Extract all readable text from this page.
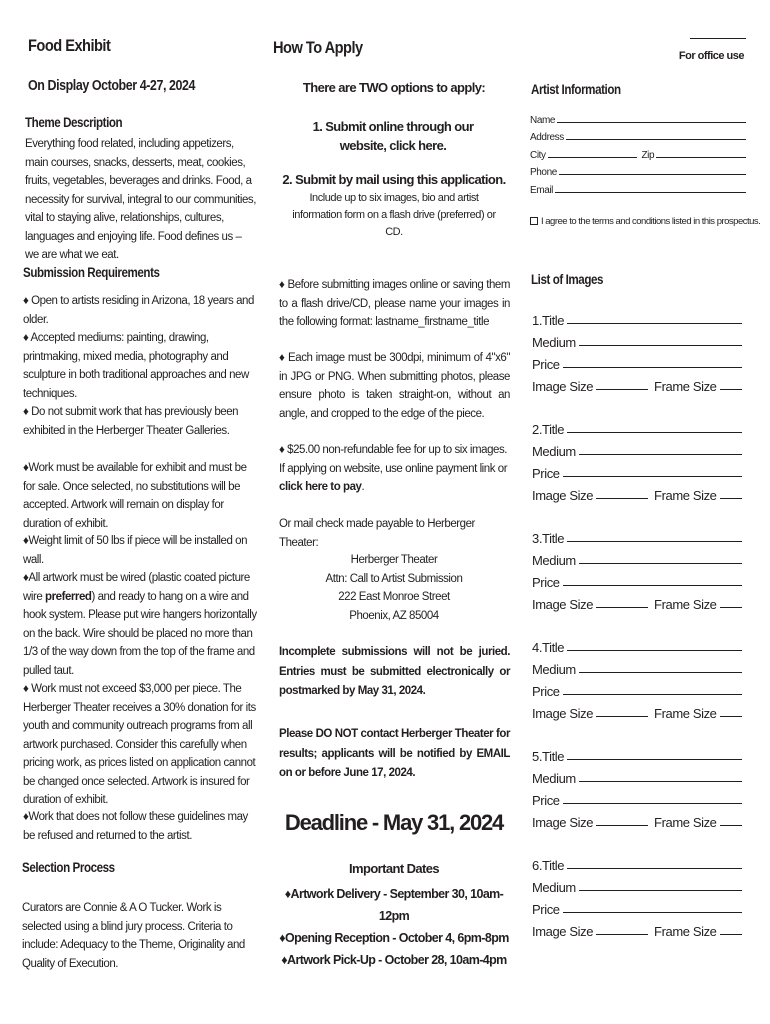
Food Exhibit
On Display October 4-27, 2024
Theme Description
Everything food related, including appetizers, main courses, snacks, desserts, meat, cookies, fruits, vegetables, beverages and drinks. Food, a necessity for survival, integral to our communities, vital to staying alive, relationships, cultures, languages and enjoying life. Food defines us – we are what we eat.
Submission Requirements
♦ Open to artists residing in Arizona, 18 years and older.
♦ Accepted mediums: painting, drawing, printmaking, mixed media, photography and sculpture in both traditional approaches and new techniques.
♦ Do not submit work that has previously been exhibited in the Herberger Theater Galleries.
♦Work must be available for exhibit and must be for sale. Once selected, no substitutions will be accepted. Artwork will remain on display for duration of exhibit.
♦Weight limit of 50 lbs if piece will be installed on wall.
♦All artwork must be wired (plastic coated picture wire preferred) and ready to hang on a wire and hook system. Please put wire hangers horizontally on the back. Wire should be placed no more than 1/3 of the way down from the top of the frame and pulled taut.
♦ Work must not exceed $3,000 per piece. The Herberger Theater receives a 30% donation for its youth and community outreach programs from all artwork purchased. Consider this carefully when pricing work, as prices listed on application cannot be changed once selected. Artwork is insured for duration of exhibit.
♦Work that does not follow these guidelines may be refused and returned to the artist.
Selection Process
Curators are Connie & A O Tucker. Work is selected using a blind jury process. Criteria to include: Adequacy to the Theme, Originality and Quality of Execution.
How To Apply
There are TWO options to apply:
1. Submit online through our website, click here.
2. Submit by mail using this application.
Include up to six images, bio and artist information form on a flash drive (preferred) or CD.
♦ Before submitting images online or saving them to a flash drive/CD, please name your images in the following format: lastname_firstname_title
♦ Each image must be 300dpi, minimum of 4"x6" in JPG or PNG. When submitting photos, please ensure photo is taken straight-on, without an angle, and cropped to the edge of the piece.
♦ $25.00 non-refundable fee for up to six images. If applying on website, use online payment link or click here to pay.
Or mail check made payable to Herberger Theater:
Herberger Theater
Attn: Call to Artist Submission
222 East Monroe Street
Phoenix, AZ 85004
Incomplete submissions will not be juried. Entries must be submitted electronically or postmarked by May 31, 2024.
Please DO NOT contact Herberger Theater for results; applicants will be notified by EMAIL on or before June 17, 2024.
Deadline - May 31, 2024
Important Dates
♦Artwork Delivery - September 30, 10am-12pm
♦Opening Reception - October 4, 6pm-8pm
♦Artwork Pick-Up - October 28, 10am-4pm
For office use
Artist Information
Name
Address
City	Zip
Phone
Email
I agree to the terms and conditions listed in this prospectus.
List of Images
1.Title
Medium
Price
Image Size	Frame Size
2.Title
Medium
Price
Image Size	Frame Size
3.Title
Medium
Price
Image Size	Frame Size
4.Title
Medium
Price
Image Size	Frame Size
5.Title
Medium
Price
Image Size	Frame Size
6.Title
Medium
Price
Image Size	Frame Size
